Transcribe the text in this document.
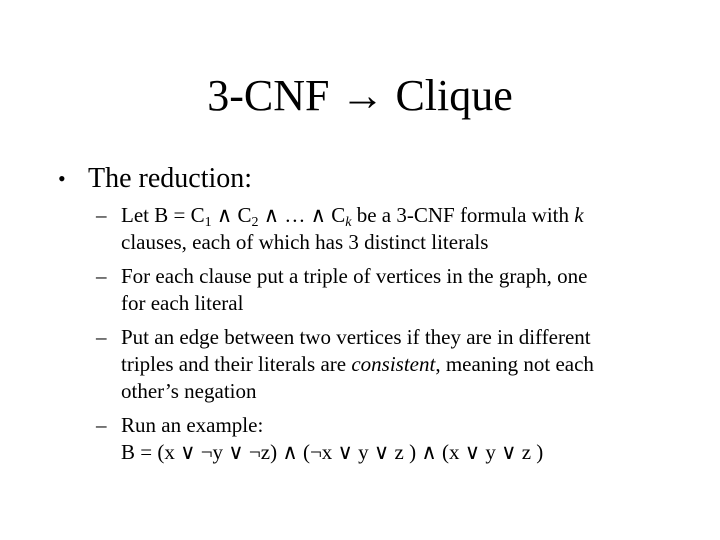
3-CNF → Clique
• The reduction:
– Let $B = C_1$ ∧ $C_2$ ∧ … ∧ $C_k$ be a 3-CNF formula with k
clauses, each of which has 3 distinct literals
– For each clause put a triple of vertices in the graph, one
for each literal
– Put an edge between two vertices if they are in different
triples and their literals are consistent, meaning not each
other’s negation
– Run an example:
B = (x ∨ ¬y ∨ ¬z) ∧ (¬x ∨ y ∨ z ) ∧ (x ∨ y ∨ z )
